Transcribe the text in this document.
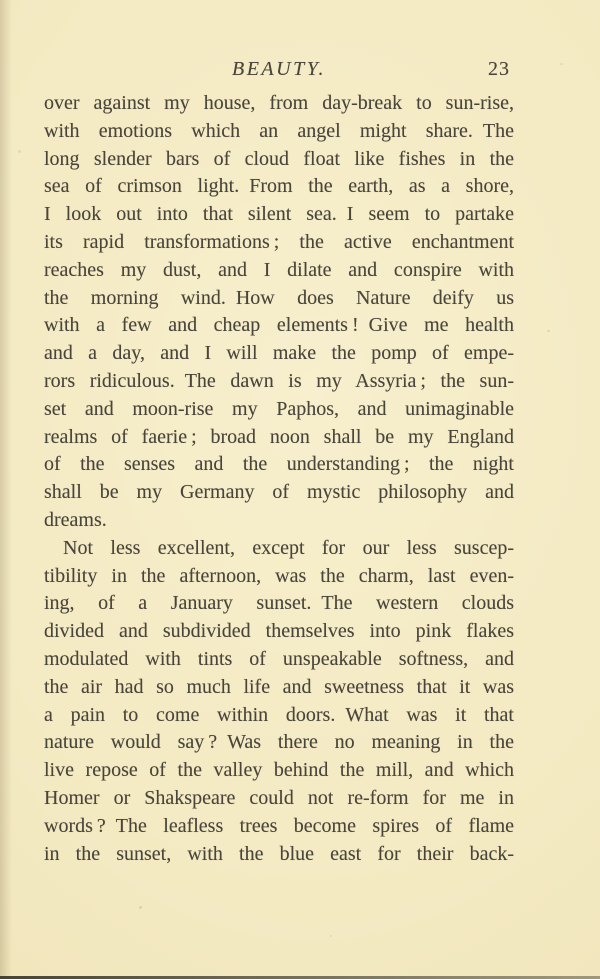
BEAUTY.	23
over against my house, from day-break to sun-rise,
with emotions which an angel might share. The
long slender bars of cloud float like fishes in the
sea of crimson light. From the earth, as a shore,
I look out into that silent sea. I seem to partake
its rapid transformations ; the active enchantment
reaches my dust, and I dilate and conspire with
the morning wind. How does Nature deify us
with a few and cheap elements ! Give me health
and a day, and I will make the pomp of empe-
rors ridiculous. The dawn is my Assyria ; the sun-
set and moon-rise my Paphos, and unimaginable
realms of faerie ; broad noon shall be my England
of the senses and the understanding ; the night
shall be my Germany of mystic philosophy and
dreams.
Not less excellent, except for our less suscep-
tibility in the afternoon, was the charm, last even-
ing, of a January sunset. The western clouds
divided and subdivided themselves into pink flakes
modulated with tints of unspeakable softness, and
the air had so much life and sweetness that it was
a pain to come within doors. What was it that
nature would say ? Was there no meaning in the
live repose of the valley behind the mill, and which
Homer or Shakspeare could not re-form for me in
words ? The leafless trees become spires of flame
in the sunset, with the blue east for their back-
